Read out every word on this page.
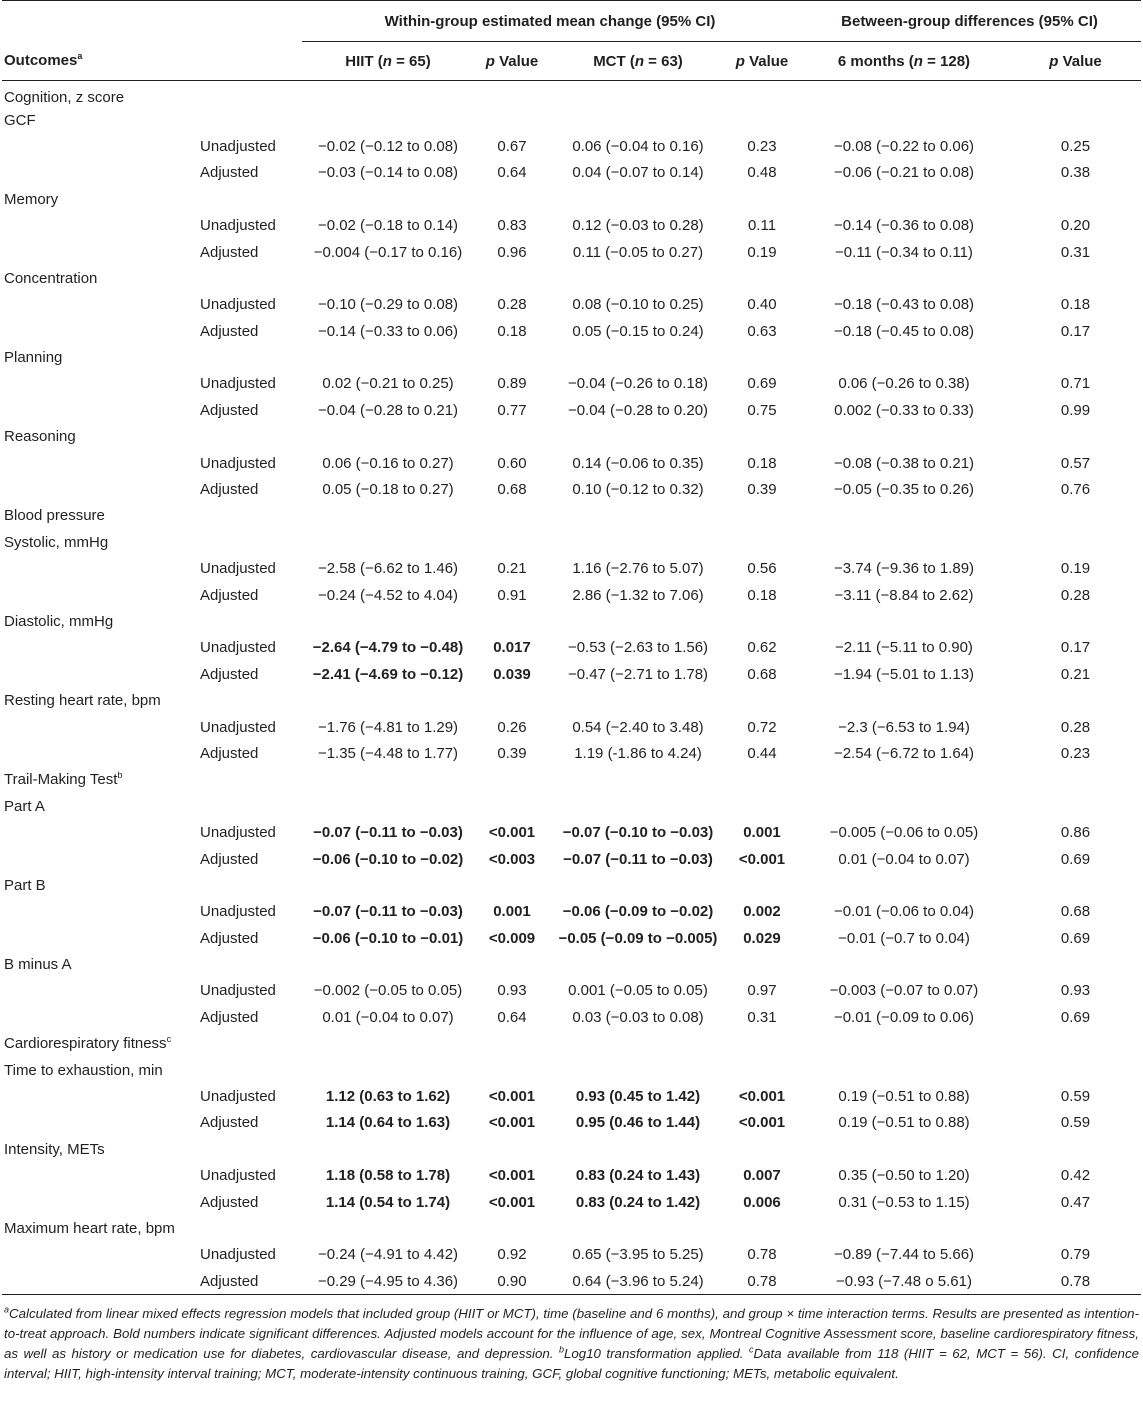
		Within-group estimated mean change (95% CI)				Between-group differences (95% CI)	
Outcomes$^a$		HIIT (n = 65)	p Value	MCT (n = 63)	p Value	6 months (n = 128)	p Value
Cognition, z score							
GCF							
	Unadjusted	−0.02 (−0.12 to 0.08)	0.67	0.06 (−0.04 to 0.16)	0.23	−0.08 (−0.22 to 0.06)	0.25
	Adjusted	−0.03 (−0.14 to 0.08)	0.64	0.04 (−0.07 to 0.14)	0.48	−0.06 (−0.21 to 0.08)	0.38
Memory							
	Unadjusted	−0.02 (−0.18 to 0.14)	0.83	0.12 (−0.03 to 0.28)	0.11	−0.14 (−0.36 to 0.08)	0.20
	Adjusted	−0.004 (−0.17 to 0.16)	0.96	0.11 (−0.05 to 0.27)	0.19	−0.11 (−0.34 to 0.11)	0.31
Concentration							
	Unadjusted	−0.10 (−0.29 to 0.08)	0.28	0.08 (−0.10 to 0.25)	0.40	−0.18 (−0.43 to 0.08)	0.18
	Adjusted	−0.14 (−0.33 to 0.06)	0.18	0.05 (−0.15 to 0.24)	0.63	−0.18 (−0.45 to 0.08)	0.17
Planning							
	Unadjusted	0.02 (−0.21 to 0.25)	0.89	−0.04 (−0.26 to 0.18)	0.69	0.06 (−0.26 to 0.38)	0.71
	Adjusted	−0.04 (−0.28 to 0.21)	0.77	−0.04 (−0.28 to 0.20)	0.75	0.002 (−0.33 to 0.33)	0.99
Reasoning							
	Unadjusted	0.06 (−0.16 to 0.27)	0.60	0.14 (−0.06 to 0.35)	0.18	−0.08 (−0.38 to 0.21)	0.57
	Adjusted	0.05 (−0.18 to 0.27)	0.68	0.10 (−0.12 to 0.32)	0.39	−0.05 (−0.35 to 0.26)	0.76
Blood pressure							
Systolic, mmHg							
	Unadjusted	−2.58 (−6.62 to 1.46)	0.21	1.16 (−2.76 to 5.07)	0.56	−3.74 (−9.36 to 1.89)	0.19
	Adjusted	−0.24 (−4.52 to 4.04)	0.91	2.86 (−1.32 to 7.06)	0.18	−3.11 (−8.84 to 2.62)	0.28
Diastolic, mmHg							
	Unadjusted	−2.64 (−4.79 to −0.48)	0.017	−0.53 (−2.63 to 1.56)	0.62	−2.11 (−5.11 to 0.90)	0.17
	Adjusted	−2.41 (−4.69 to −0.12)	0.039	−0.47 (−2.71 to 1.78)	0.68	−1.94 (−5.01 to 1.13)	0.21
Resting heart rate, bpm							
	Unadjusted	−1.76 (−4.81 to 1.29)	0.26	0.54 (−2.40 to 3.48)	0.72	−2.3 (−6.53 to 1.94)	0.28
	Adjusted	−1.35 (−4.48 to 1.77)	0.39	1.19 (-1.86 to 4.24)	0.44	−2.54 (−6.72 to 1.64)	0.23
Trail-Making Test$^b$
Part A							
	Unadjusted	−0.07 (−0.11 to −0.03)	<0.001	−0.07 (−0.10 to −0.03)	0.001	−0.005 (−0.06 to 0.05)	0.86
	Adjusted	−0.06 (−0.10 to −0.02)	<0.003	−0.07 (−0.11 to −0.03)	<0.001	0.01 (−0.04 to 0.07)	0.69
Part B							
	Unadjusted	−0.07 (−0.11 to −0.03)	0.001	−0.06 (−0.09 to −0.02)	0.002	−0.01 (−0.06 to 0.04)	0.68
	Adjusted	−0.06 (−0.10 to −0.01)	<0.009	−0.05 (−0.09 to −0.005)	0.029	−0.01 (−0.7 to 0.04)	0.69
B minus A							
	Unadjusted	−0.002 (−0.05 to 0.05)	0.93	0.001 (−0.05 to 0.05)	0.97	−0.003 (−0.07 to 0.07)	0.93
	Adjusted	0.01 (−0.04 to 0.07)	0.64	0.03 (−0.03 to 0.08)	0.31	−0.01 (−0.09 to 0.06)	0.69
Cardiorespiratory fitness$^c$
Time to exhaustion, min							
	Unadjusted	1.12 (0.63 to 1.62)	<0.001	0.93 (0.45 to 1.42)	<0.001	0.19 (−0.51 to 0.88)	0.59
	Adjusted	1.14 (0.64 to 1.63)	<0.001	0.95 (0.46 to 1.44)	<0.001	0.19 (−0.51 to 0.88)	0.59
Intensity, METs							
	Unadjusted	1.18 (0.58 to 1.78)	<0.001	0.83 (0.24 to 1.43)	0.007	0.35 (−0.50 to 1.20)	0.42
	Adjusted	1.14 (0.54 to 1.74)	<0.001	0.83 (0.24 to 1.42)	0.006	0.31 (−0.53 to 1.15)	0.47
Maximum heart rate, bpm							
	Unadjusted	−0.24 (−4.91 to 4.42)	0.92	0.65 (−3.95 to 5.25)	0.78	−0.89 (−7.44 to 5.66)	0.79
	Adjusted	−0.29 (−4.95 to 4.36)	0.90	0.64 (−3.96 to 5.24)	0.78	−0.93 (−7.48 o 5.61)	0.78
$^a$Calculated from linear mixed effects regression models that included group (HIIT or MCT), time (baseline and 6 months), and group × time interaction terms. Results are presented as intention-to-treat approach. Bold numbers indicate significant differences. Adjusted models account for the influence of age, sex, Montreal Cognitive Assessment score, baseline cardiorespiratory fitness, as well as history or medication use for diabetes, cardiovascular disease, and depression. $^b$Log10 transformation applied. $^c$Data available from 118 (HIIT = 62, MCT = 56). CI, confidence interval; HIIT, high-intensity interval training; MCT, moderate-intensity continuous training, GCF, global cognitive functioning; METs, metabolic equivalent.
